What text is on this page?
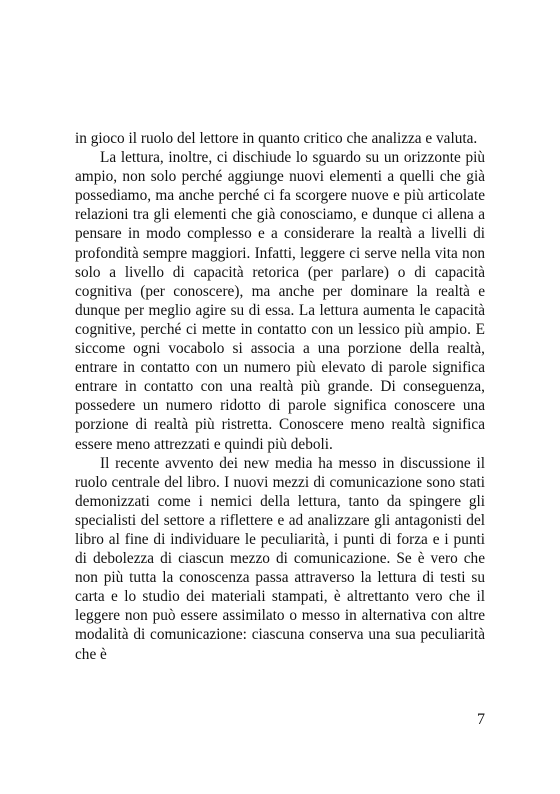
in gioco il ruolo del lettore in quanto critico che analizza e valuta.

La lettura, inoltre, ci dischiude lo sguardo su un orizzonte più ampio, non solo perché aggiunge nuovi elementi a quelli che già possediamo, ma anche perché ci fa scorgere nuove e più articolate relazioni tra gli elementi che già conosciamo, e dunque ci allena a pensare in modo complesso e a considerare la realtà a livelli di profondità sempre maggiori. Infatti, leggere ci serve nella vita non solo a livello di capacità retorica (per parlare) o di capacità cognitiva (per conoscere), ma anche per dominare la realtà e dunque per meglio agire su di essa. La lettura aumenta le capacità cognitive, perché ci mette in contatto con un lessico più ampio. E siccome ogni vocabolo si associa a una porzione della realtà, entrare in contatto con un numero più elevato di parole significa entrare in contatto con una realtà più grande. Di conseguenza, possedere un numero ridotto di parole significa conoscere una porzione di realtà più ristretta. Conoscere meno realtà significa essere meno attrezzati e quindi più deboli.

Il recente avvento dei new media ha messo in discussione il ruolo centrale del libro. I nuovi mezzi di comunicazione sono stati demonizzati come i nemici della lettura, tanto da spingere gli specialisti del settore a riflettere e ad analizzare gli antagonisti del libro al fine di individuare le peculiarità, i punti di forza e i punti di debolezza di ciascun mezzo di comunicazione. Se è vero che non più tutta la conoscenza passa attraverso la lettura di testi su carta e lo studio dei materiali stampati, è altrettanto vero che il leggere non può essere assimilato o messo in alternativa con altre modalità di comunicazione: ciascuna conserva una sua peculiarità che è

7
